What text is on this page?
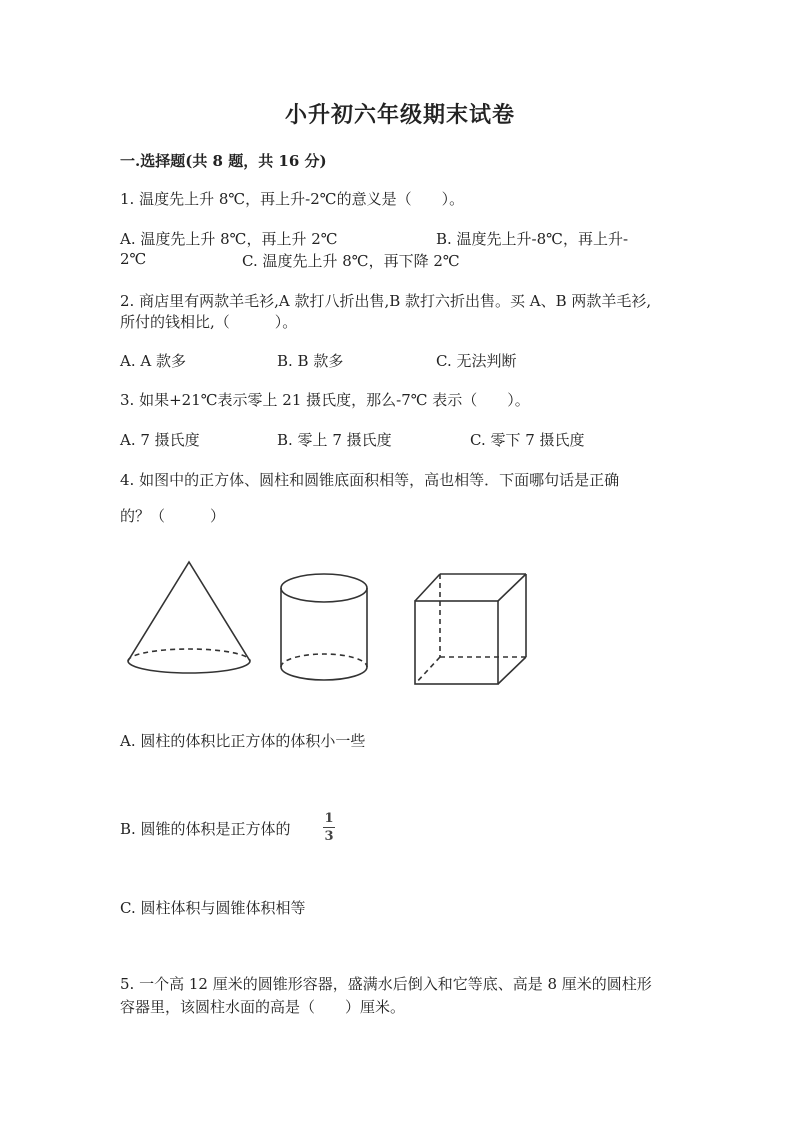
小升初六年级期末试卷
一.选择题(共 8 题，共 16 分)
1. 温度先上升 8℃，再上升-2℃的意义是（　　）。
A. 温度先上升 8℃，再上升 2℃	B. 温度先上升-8℃，再上升-
2℃	C. 温度先上升 8℃，再下降 2℃
2. 商店里有两款羊毛衫,A 款打八折出售,B 款打六折出售。买 A、B 两款羊毛衫,
所付的钱相比,（　　　）。
A. A 款多	B. B 款多	C. 无法判断
3. 如果+21℃表示零上 21 摄氏度，那么-7℃ 表示（　　）。
A. 7 摄氏度	B. 零上 7 摄氏度	C. 零下 7 摄氏度
4. 如图中的正方体、圆柱和圆锥底面积相等，高也相等．下面哪句话是正确
的？（　　　）
A. 圆柱的体积比正方体的体积小一些
B. 圆锥的体积是正方体的
1
3
C. 圆柱体积与圆锥体积相等
5. 一个高 12 厘米的圆锥形容器，盛满水后倒入和它等底、高是 8 厘米的圆柱形
容器里，该圆柱水面的高是（　　）厘米。
